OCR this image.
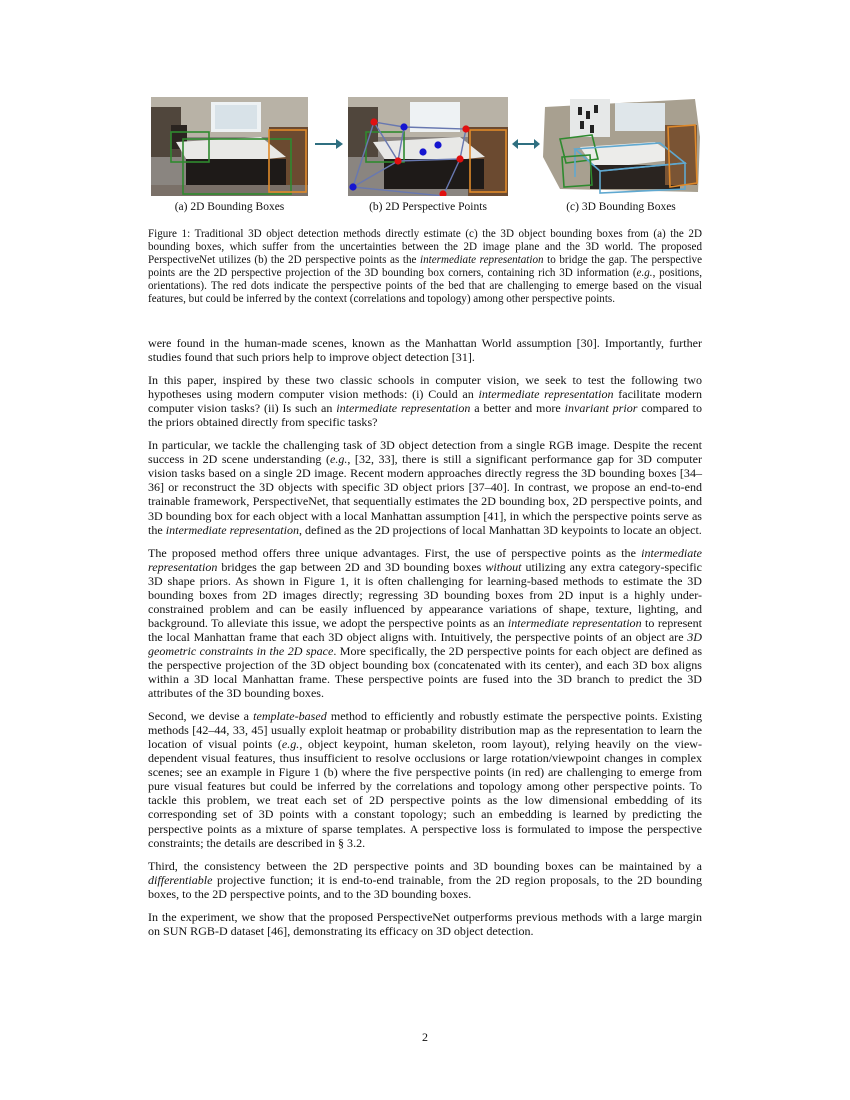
(a) 2D Bounding Boxes	(b) 2D Perspective Points	(c) 3D Bounding Boxes
Figure 1: Traditional 3D object detection methods directly estimate (c) the 3D object bounding boxes from (a) the 2D bounding boxes, which suffer from the uncertainties between the 2D image plane and the 3D world. The proposed PerspectiveNet utilizes (b) the 2D perspective points as the intermediate representation to bridge the gap. The perspective points are the 2D perspective projection of the 3D bounding box corners, containing rich 3D information (e.g., positions, orientations). The red dots indicate the perspective points of the bed that are challenging to emerge based on the visual features, but could be inferred by the context (correlations and topology) among other perspective points.

were found in the human-made scenes, known as the Manhattan World assumption [30]. Importantly, further studies found that such priors help to improve object detection [31].

In this paper, inspired by these two classic schools in computer vision, we seek to test the following two hypotheses using modern computer vision methods: (i) Could an intermediate representation facilitate modern computer vision tasks? (ii) Is such an intermediate representation a better and more invariant prior compared to the priors obtained directly from specific tasks?

In particular, we tackle the challenging task of 3D object detection from a single RGB image. Despite the recent success in 2D scene understanding (e.g., [32, 33], there is still a significant performance gap for 3D computer vision tasks based on a single 2D image. Recent modern approaches directly regress the 3D bounding boxes [34–36] or reconstruct the 3D objects with specific 3D object priors [37–40]. In contrast, we propose an end-to-end trainable framework, PerspectiveNet, that sequentially estimates the 2D bounding box, 2D perspective points, and 3D bounding box for each object with a local Manhattan assumption [41], in which the perspective points serve as the intermediate representation, defined as the 2D projections of local Manhattan 3D keypoints to locate an object.

The proposed method offers three unique advantages. First, the use of perspective points as the intermediate representation bridges the gap between 2D and 3D bounding boxes without utilizing any extra category-specific 3D shape priors. As shown in Figure 1, it is often challenging for learning-based methods to estimate the 3D bounding boxes from 2D images directly; regressing 3D bounding boxes from 2D input is a highly under-constrained problem and can be easily influenced by appearance variations of shape, texture, lighting, and background. To alleviate this issue, we adopt the perspective points as an intermediate representation to represent the local Manhattan frame that each 3D object aligns with. Intuitively, the perspective points of an object are 3D geometric constraints in the 2D space. More specifically, the 2D perspective points for each object are defined as the perspective projection of the 3D object bounding box (concatenated with its center), and each 3D box aligns within a 3D local Manhattan frame. These perspective points are fused into the 3D branch to predict the 3D attributes of the 3D bounding boxes.

Second, we devise a template-based method to efficiently and robustly estimate the perspective points. Existing methods [42–44, 33, 45] usually exploit heatmap or probability distribution map as the representation to learn the location of visual points (e.g., object keypoint, human skeleton, room layout), relying heavily on the view-dependent visual features, thus insufficient to resolve occlusions or large rotation/viewpoint changes in complex scenes; see an example in Figure 1 (b) where the five perspective points (in red) are challenging to emerge from pure visual features but could be inferred by the correlations and topology among other perspective points. To tackle this problem, we treat each set of 2D perspective points as the low dimensional embedding of its corresponding set of 3D points with a constant topology; such an embedding is learned by predicting the perspective points as a mixture of sparse templates. A perspective loss is formulated to impose the perspective constraints; the details are described in § 3.2.

Third, the consistency between the 2D perspective points and 3D bounding boxes can be maintained by a differentiable projective function; it is end-to-end trainable, from the 2D region proposals, to the 2D bounding boxes, to the 2D perspective points, and to the 3D bounding boxes.

In the experiment, we show that the proposed PerspectiveNet outperforms previous methods with a large margin on SUN RGB-D dataset [46], demonstrating its efficacy on 3D object detection.

2
